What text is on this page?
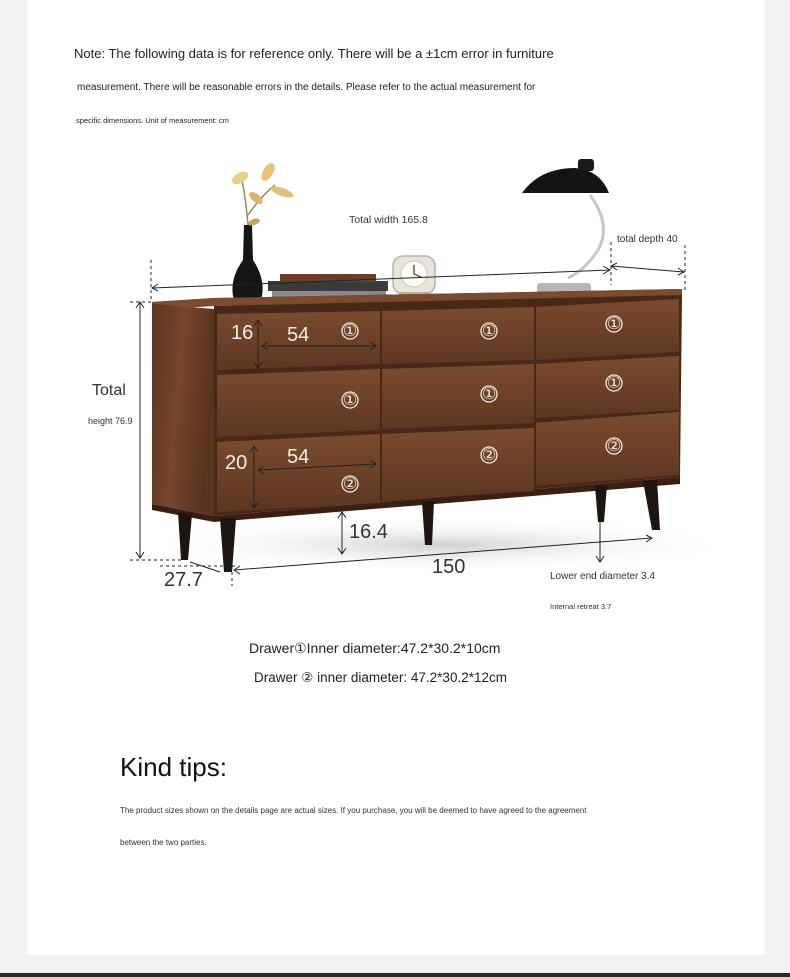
Note: The following data is for reference only. There will be a ±1cm error in furniture
measurement. There will be reasonable errors in the details. Please refer to the actual measurement for
specific dimensions. Unit of measurement: cm
①	①	①
①	①
①
②
②	②
Total width 165.8
total depth 40
Total
height 76.9
16 54
20 54
16.4
150
27.7	Lower end diameter 3.4
Internal retreat 3.7
Drawer①Inner diameter:47.2*30.2*10cm
Drawer ② inner diameter: 47.2*30.2*12cm
Kind tips:
The product sizes shown on the details page are actual sizes. If you purchase, you will be deemed to have agreed to the agreement
between the two parties.
